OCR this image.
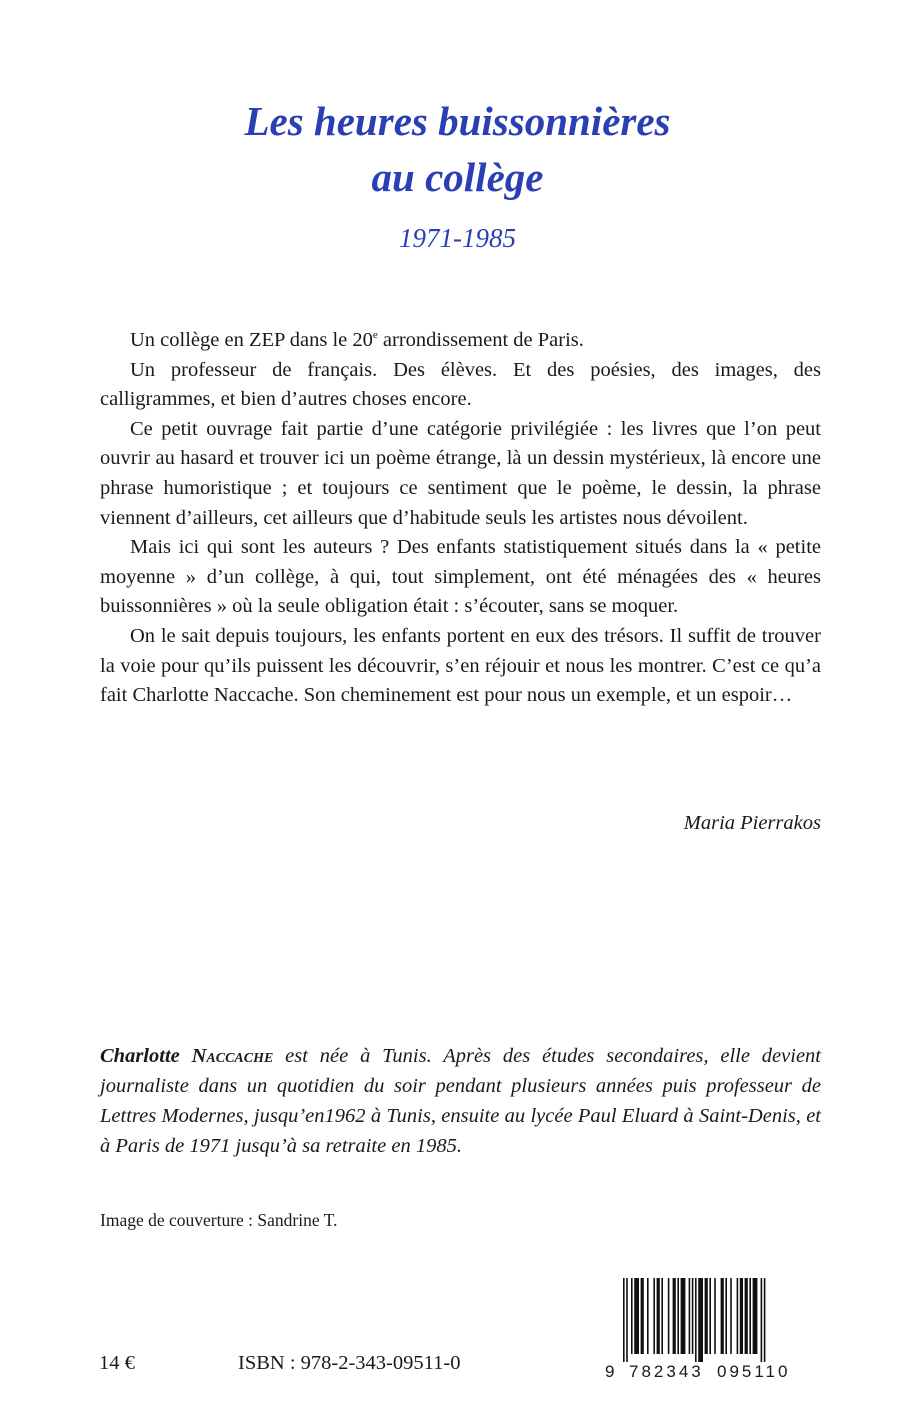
Les heures buissonnières
au collège
1971-1985

Un collège en ZEP dans le 20e arrondissement de Paris.

Un professeur de français. Des élèves. Et des poésies, des images, des calligrammes, et bien d’autres choses encore.

Ce petit ouvrage fait partie d’une catégorie privilégiée : les livres que l’on peut ouvrir au hasard et trouver ici un poème étrange, là un dessin mystérieux, là encore une phrase humoristique ; et toujours ce sentiment que le poème, le dessin, la phrase viennent d’ailleurs, cet ailleurs que d’habitude seuls les artistes nous dévoilent.

Mais ici qui sont les auteurs ? Des enfants statistiquement situés dans la « petite moyenne » d’un collège, à qui, tout simplement, ont été ménagées des « heures buissonnières » où la seule obligation était : s’écouter, sans se moquer.

On le sait depuis toujours, les enfants portent en eux des trésors. Il suffit de trouver la voie pour qu’ils puissent les découvrir, s’en réjouir et nous les montrer. C’est ce qu’a fait Charlotte Naccache. Son cheminement est pour nous un exemple, et un espoir…

Maria Pierrakos
Charlotte Naccache est née à Tunis. Après des études secondaires, elle devient journaliste dans un quotidien du soir pendant plusieurs années puis professeur de Lettres Modernes, jusqu’en1962 à Tunis, ensuite au lycée Paul Eluard à Saint-Denis, et à Paris de 1971 jusqu’à sa retraite en 1985.
Image de couverture : Sandrine T.
14 €	ISBN : 978-2-343-09511-0	9 782343 095110
